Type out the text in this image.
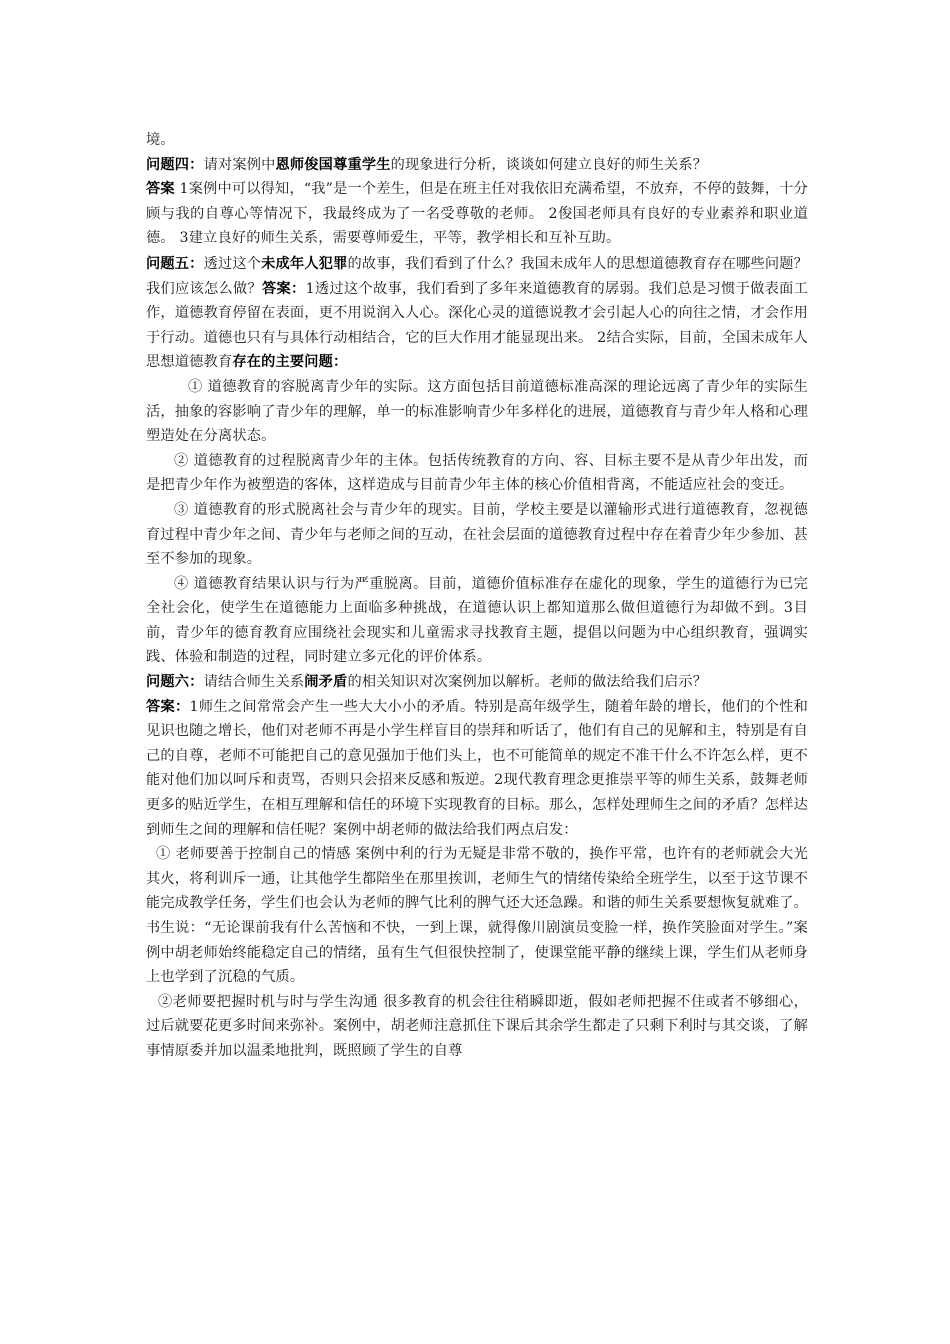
境。

问题四：请对案例中恩师俊国尊重学生的现象进行分析，谈谈如何建立良好的师生关系？

答案 1案例中可以得知，“我”是一个差生，但是在班主任对我依旧充满希望，不放弃，不停的鼓舞，十分顾与我的自尊心等情况下，我最终成为了一名受尊敬的老师。 2俊国老师具有良好的专业素养和职业道德。 3建立良好的师生关系，需要尊师爱生，平等，教学相长和互补互助。

问题五：透过这个未成年人犯罪的故事，我们看到了什么？我国未成年人的思想道德教育存在哪些问题？我们应该怎么做？答案：1透过这个故事，我们看到了多年来道德教育的孱弱。我们总是习惯于做表面工作，道德教育停留在表面，更不用说润入人心。深化心灵的道德说教才会引起人心的向往之情，才会作用于行动。道德也只有与具体行动相结合，它的巨大作用才能显现出来。 2结合实际，目前，全国未成年人思想道德教育存在的主要问题：

① 道德教育的容脱离青少年的实际。这方面包括目前道德标准高深的理论远离了青少年的实际生活，抽象的容影响了青少年的理解，单一的标准影响青少年多样化的进展，道德教育与青少年人格和心理塑造处在分离状态。

② 道德教育的过程脱离青少年的主体。包括传统教育的方向、容、目标主要不是从青少年出发，而是把青少年作为被塑造的客体，这样造成与目前青少年主体的核心价值相背离，不能适应社会的变迁。

③ 道德教育的形式脱离社会与青少年的现实。目前，学校主要是以灌输形式进行道德教育，忽视德育过程中青少年之间、青少年与老师之间的互动，在社会层面的道德教育过程中存在着青少年少参加、甚至不参加的现象。

④ 道德教育结果认识与行为严重脱离。目前，道德价值标准存在虚化的现象，学生的道德行为已完全社会化，使学生在道德能力上面临多种挑战，在道德认识上都知道那么做但道德行为却做不到。3目前，青少年的德育教育应围绕社会现实和儿童需求寻找教育主题，提倡以问题为中心组织教育，强调实践、体验和制造的过程，同时建立多元化的评价体系。

问题六：请结合师生关系闹矛盾的相关知识对次案例加以解析。老师的做法给我们启示？

答案：1师生之间常常会产生一些大大小小的矛盾。特别是高年级学生，随着年龄的增长，他们的个性和见识也随之增长，他们对老师不再是小学生样盲目的崇拜和听话了，他们有自己的见解和主，特别是有自己的自尊，老师不可能把自己的意见强加于他们头上，也不可能简单的规定不准干什么不许怎么样，更不能对他们加以呵斥和责骂，否则只会招来反感和叛逆。2现代教育理念更推崇平等的师生关系，鼓舞老师更多的贴近学生，在相互理解和信任的环境下实现教育的目标。那么，怎样处理师生之间的矛盾？怎样达到师生之间的理解和信任呢？案例中胡老师的做法给我们两点启发：

① 老师要善于控制自己的情感 案例中利的行为无疑是非常不敬的，换作平常，也许有的老师就会大光其火，将利训斥一通，让其他学生都陪坐在那里挨训，老师生气的情绪传染给全班学生，以至于这节课不能完成教学任务，学生们也会认为老师的脾气比利的脾气还大还急躁。和谐的师生关系要想恢复就难了。书生说：“无论课前我有什么苦恼和不快，一到上课，就得像川剧演员变脸一样，换作笑脸面对学生。”案例中胡老师始终能稳定自己的情绪，虽有生气但很快控制了，使课堂能平静的继续上课，学生们从老师身上也学到了沉稳的气质。

②老师要把握时机与时与学生沟通 很多教育的机会往往稍瞬即逝，假如老师把握不住或者不够细心，过后就要花更多时间来弥补。案例中，胡老师注意抓住下课后其余学生都走了只剩下利时与其交谈，了解事情原委并加以温柔地批判，既照顾了学生的自尊
